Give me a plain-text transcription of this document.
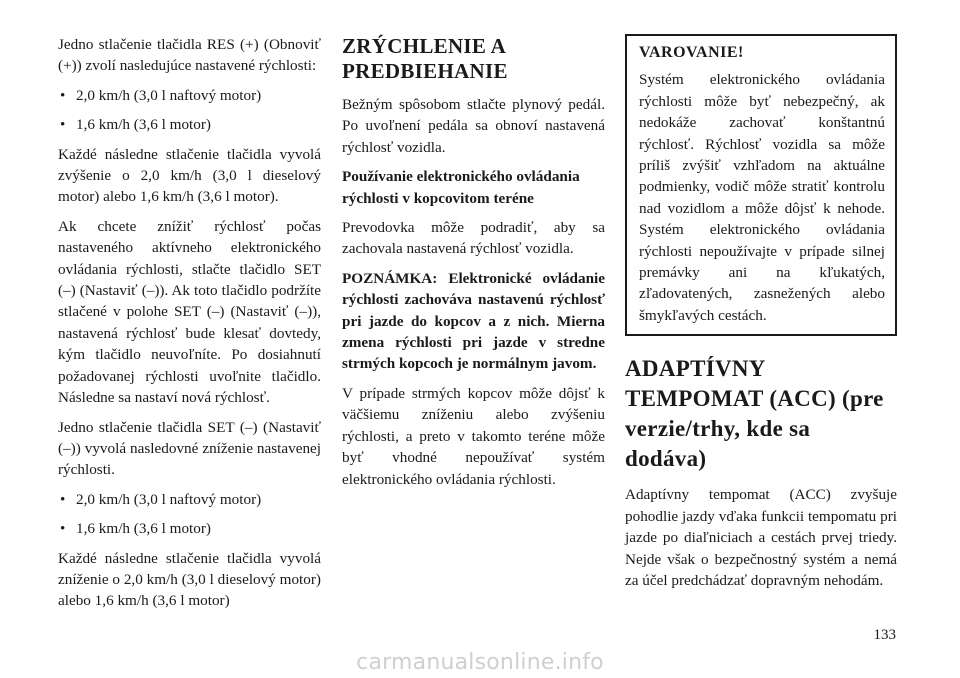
Jedno stlačenie tlačidla RES (+) (Obnoviť (+)) zvolí nasledujúce nastavené rýchlosti:

• 2,0 km/h (3,0 l naftový motor)

• 1,6 km/h (3,6 l motor)

Každé následne stlačenie tlačidla vyvolá zvýšenie o 2,0 km/h (3,0 l dieselový motor) alebo 1,6 km/h (3,6 l motor).

Ak chcete znížiť rýchlosť počas nastaveného aktívneho elektronického ovládania rýchlosti, stlačte tlačidlo SET (–) (Nastaviť (–)). Ak toto tlačidlo podržíte stlačené v polohe SET (–) (Nastaviť (–)), nastavená rýchlosť bude klesať dovtedy, kým tlačidlo neuvoľníte. Po dosiahnutí požadovanej rýchlosti uvoľnite tlačidlo. Následne sa nastaví nová rýchlosť.

Jedno stlačenie tlačidla SET (–) (Nastaviť (–)) vyvolá nasledovné zníženie nastavenej rýchlosti.

• 2,0 km/h (3,0 l naftový motor)

• 1,6 km/h (3,6 l motor)

Každé následne stlačenie tlačidla vyvolá zníženie o 2,0 km/h (3,0 l dieselový motor) alebo 1,6 km/h (3,6 l motor)

ZRÝCHLENIE A PREDBIEHANIE

Bežným spôsobom stlačte plynový pedál. Po uvoľnení pedála sa obnoví nastavená rýchlosť vozidla.

Používanie elektronického ovládania rýchlosti v kopcovitom teréne

Prevodovka môže podradiť, aby sa zachovala nastavená rýchlosť vozidla.

POZNÁMKA: Elektronické ovládanie rýchlosti zachováva nastavenú rýchlosť pri jazde do kopcov a z nich. Mierna zmena rýchlosti pri jazde v stredne strmých kopcoch je normálnym javom.

V prípade strmých kopcov môže dôjsť k väčšiemu zníženiu alebo zvýšeniu rýchlosti, a preto v takomto teréne môže byť vhodné nepoužívať systém elektronického ovládania rýchlosti.

VAROVANIE!

Systém elektronického ovládania rýchlosti môže byť nebezpečný, ak nedokáže zachovať konštantnú rýchlosť. Rýchlosť vozidla sa môže príliš zvýšiť vzhľadom na aktuálne podmienky, vodič môže stratiť kontrolu nad vozidlom a môže dôjsť k nehode. Systém elektronického ovládania rýchlosti nepoužívajte v prípade silnej premávky ani na kľukatých, zľadovatených, zasnežených alebo šmykľavých cestách.

ADAPTÍVNY TEMPOMAT (ACC) (pre verzie/trhy, kde sa dodáva)

Adaptívny tempomat (ACC) zvyšuje pohodlie jazdy vďaka funkcii tempomatu pri jazde po diaľniciach a cestách prvej triedy. Nejde však o bezpečnostný systém a nemá za účel predchádzať dopravným nehodám.

133
carmanualsonline.info
